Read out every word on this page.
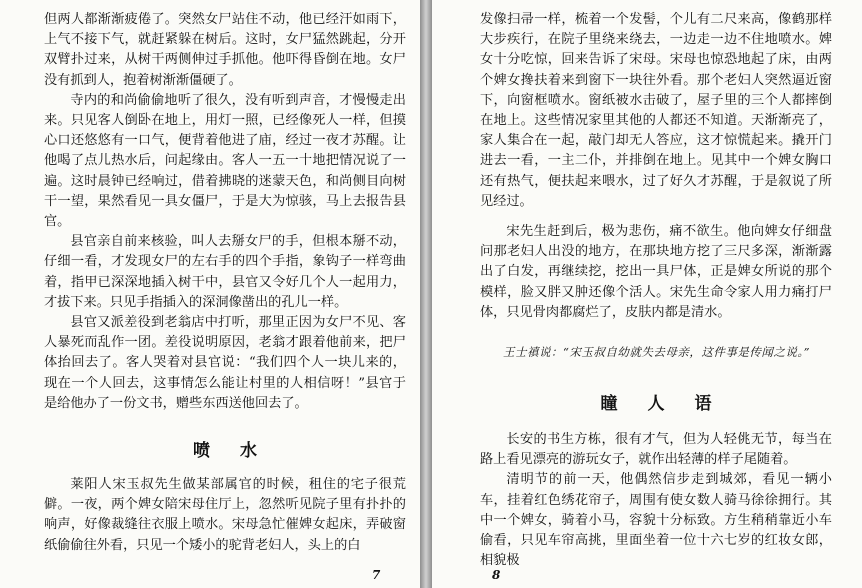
但两人都渐渐疲倦了。突然女尸站住不动，他已经汗如雨下，上气不接下气，就赶紧躲在树后。这时，女尸猛然跳起，分开双臂扑过来，从树干两侧伸过手抓他。他吓得昏倒在地。女尸没有抓到人，抱着树渐渐僵硬了。

寺内的和尚偷偷地听了很久，没有听到声音，才慢慢走出来。只见客人倒卧在地上，用灯一照，已经像死人一样，但摸心口还悠悠有一口气，便背着他进了庙，经过一夜才苏醒。让他喝了点儿热水后，问起缘由。客人一五一十地把情况说了一遍。这时晨钟已经响过，借着拂晓的迷蒙天色，和尚侧目向树干一望，果然看见一具女僵尸，于是大为惊骇，马上去报告县官。

县官亲自前来核验，叫人去掰女尸的手，但根本掰不动，仔细一看，才发现女尸的左右手的四个手指，象钩子一样弯曲着，指甲已深深地插入树干中，县官又令好几个人一起用力，才拔下来。只见手指插入的深洞像凿出的孔儿一样。

县官又派差役到老翁店中打听，那里正因为女尸不见、客人暴死而乱作一团。差役说明原因，老翁才跟着他前来，把尸体抬回去了。客人哭着对县官说：“我们四个人一块儿来的，现在一个人回去，这事情怎么能让村里的人相信呀！”县官于是给他办了一份文书，赠些东西送他回去了。

喷水

莱阳人宋玉叔先生做某部属官的时候，租住的宅子很荒僻。一夜，两个婢女陪宋母住厅上，忽然听见院子里有扑扑的响声，好像裁缝往衣服上喷水。宋母急忙催婢女起床，弄破窗纸偷偷往外看，只见一个矮小的驼背老妇人，头上的白

7

发像扫帚一样，梳着一个发髻，个儿有二尺来高，像鹤那样大步疾行，在院子里绕来绕去，一边走一边不住地喷水。婢女十分吃惊，回来告诉了宋母。宋母也惊恐地起了床，由两个婢女搀扶着来到窗下一块往外看。那个老妇人突然逼近窗下，向窗框喷水。窗纸被水击破了，屋子里的三个人都摔倒在地上。这些情况家里其他的人都还不知道。天渐渐亮了，家人集合在一起，敲门却无人答应，这才惊慌起来。撬开门进去一看，一主二仆，并排倒在地上。见其中一个婢女胸口还有热气，便扶起来喂水，过了好久才苏醒，于是叙说了所见经过。

宋先生赶到后，极为悲伤，痛不欲生。他向婢女仔细盘问那老妇人出没的地方，在那块地方挖了三尺多深，渐渐露出了白发，再继续挖，挖出一具尸体，正是婢女所说的那个模样，脸又胖又肿还像个活人。宋先生命令家人用力痛打尸体，只见骨肉都腐烂了，皮肤内都是清水。

王士禛说：“宋玉叔自幼就失去母亲，这件事是传闻之说。”

瞳人语

长安的书生方栋，很有才气，但为人轻佻无节，每当在路上看见漂亮的游玩女子，就作出轻薄的样子尾随着。

清明节的前一天，他偶然信步走到城郊，看见一辆小车，挂着红色绣花帘子，周围有使女数人骑马徐徐拥行。其中一个婢女，骑着小马，容貌十分标致。方生稍稍靠近小车偷看，只见车帘高挑，里面坐着一位十六七岁的红妆女郎，相貌极

8
